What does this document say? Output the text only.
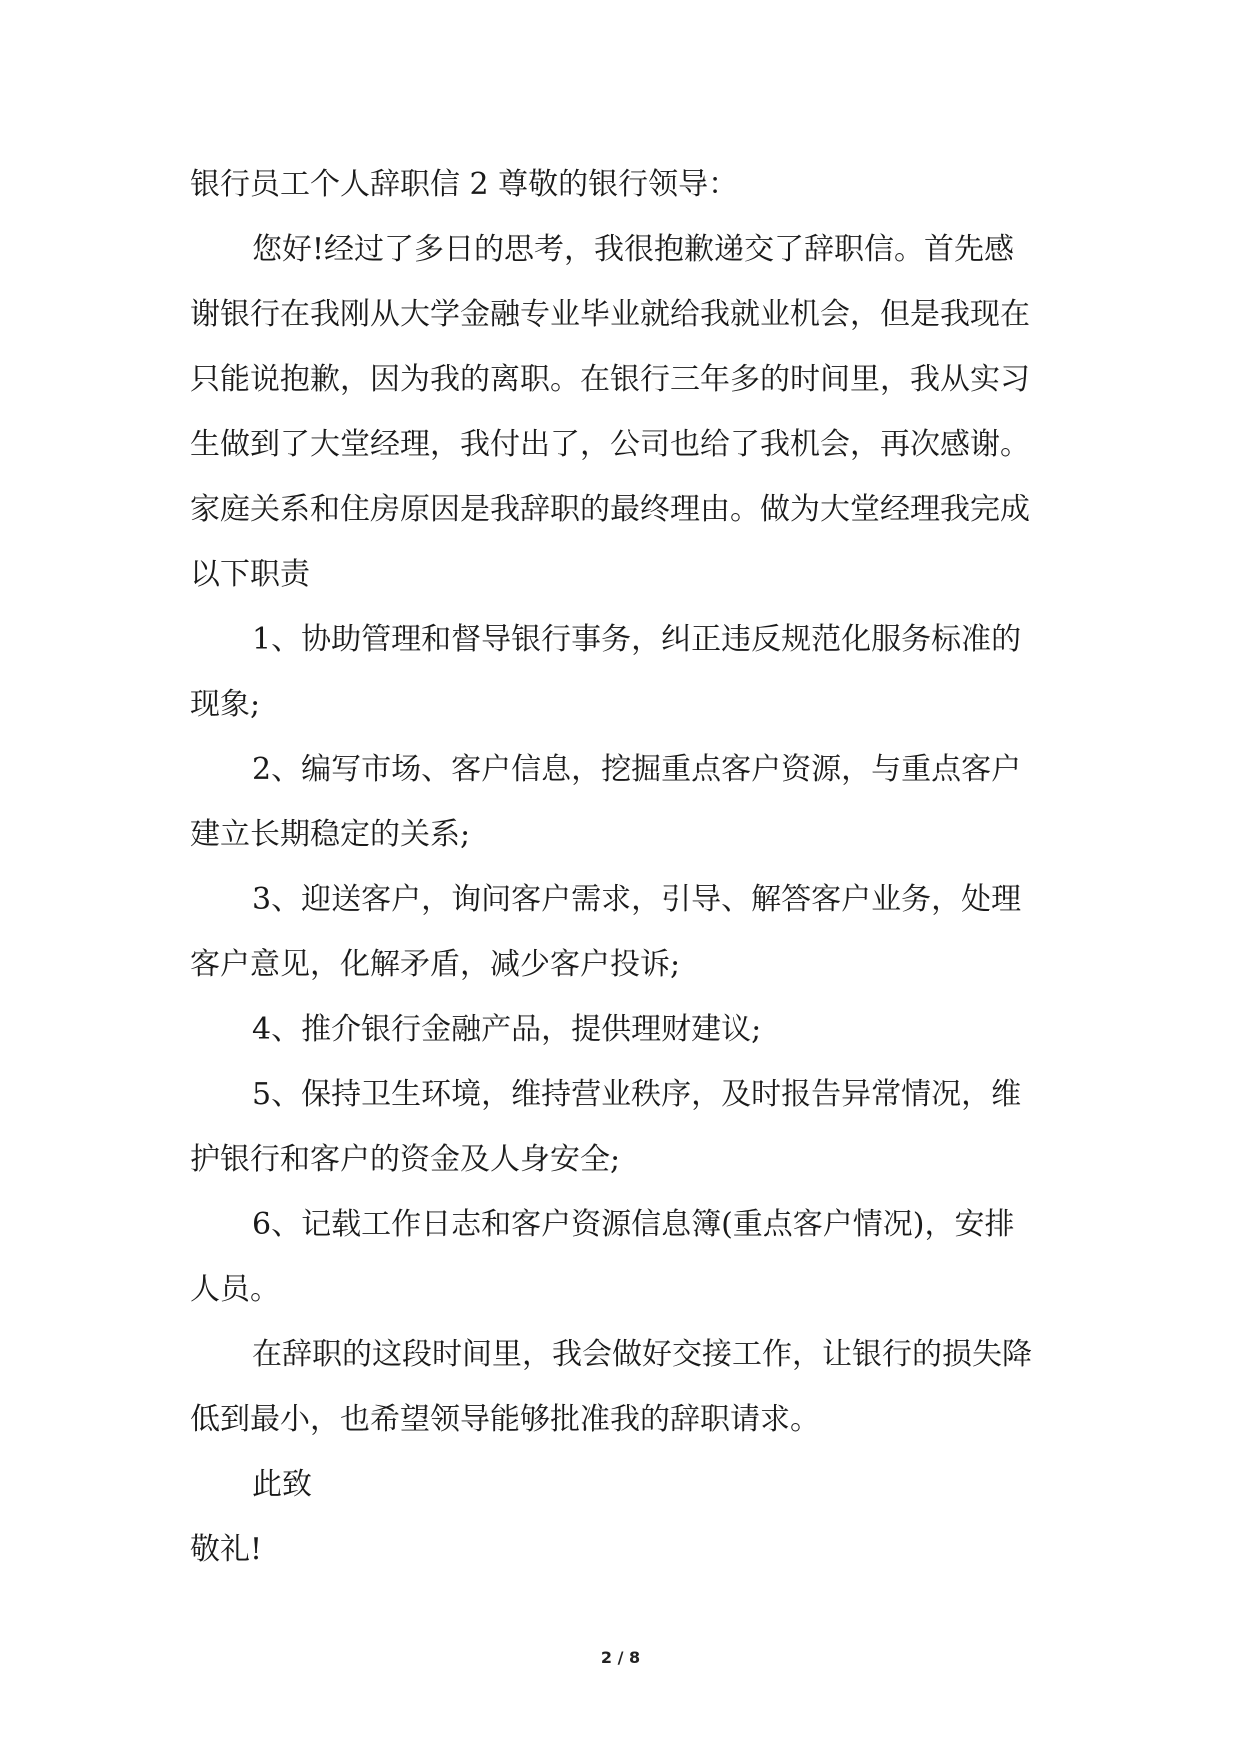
银行员工个人辞职信 2 尊敬的银行领导：
您好!经过了多日的思考，我很抱歉递交了辞职信。首先感
谢银行在我刚从大学金融专业毕业就给我就业机会，但是我现在
只能说抱歉，因为我的离职。在银行三年多的时间里，我从实习
生做到了大堂经理，我付出了，公司也给了我机会，再次感谢。
家庭关系和住房原因是我辞职的最终理由。做为大堂经理我完成
以下职责
1、协助管理和督导银行事务，纠正违反规范化服务标准的
现象;
2、编写市场、客户信息，挖掘重点客户资源，与重点客户
建立长期稳定的关系;
3、迎送客户，询问客户需求，引导、解答客户业务，处理
客户意见，化解矛盾，减少客户投诉;
4、推介银行金融产品，提供理财建议;
5、保持卫生环境，维持营业秩序，及时报告异常情况，维
护银行和客户的资金及人身安全;
6、记载工作日志和客户资源信息簿(重点客户情况)，安排
人员。
在辞职的这段时间里，我会做好交接工作，让银行的损失降
低到最小，也希望领导能够批准我的辞职请求。
此致
敬礼!
2 / 8
